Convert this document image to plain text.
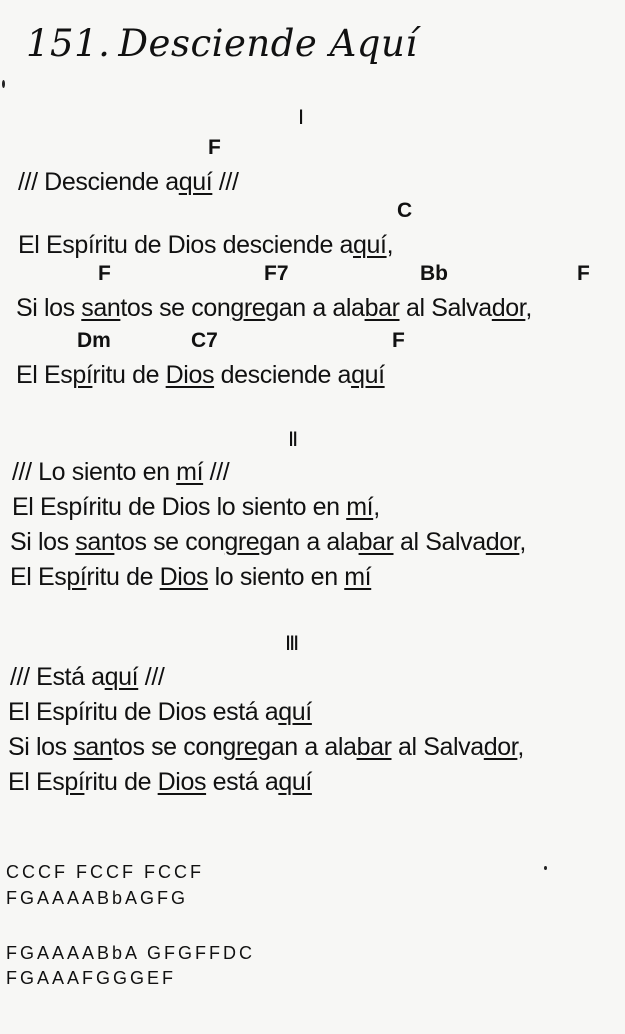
151. Desciende Aquí
I
F
/// Desciende aquí ///
C
El Espíritu de Dios desciende aquí,
F	F7	Bb	F
Si los santos se congregan a alabar al Salvador,
Dm	C7	F
El Espíritu de Dios desciende aquí
II
/// Lo siento en mí ///
El Espíritu de Dios lo siento en mí,
Si los santos se congregan a alabar al Salvador,
El Espíritu de Dios lo siento en mí
III
/// Está aquí ///
El Espíritu de Dios está aquí
Si los santos se congregan a alabar al Salvador,
El Espíritu de Dios está aquí
CCCF FCCF FCCF
FGAAAABbAGFG
FGAAAABbA GFGFFDC
FGAAAFGGGEF
